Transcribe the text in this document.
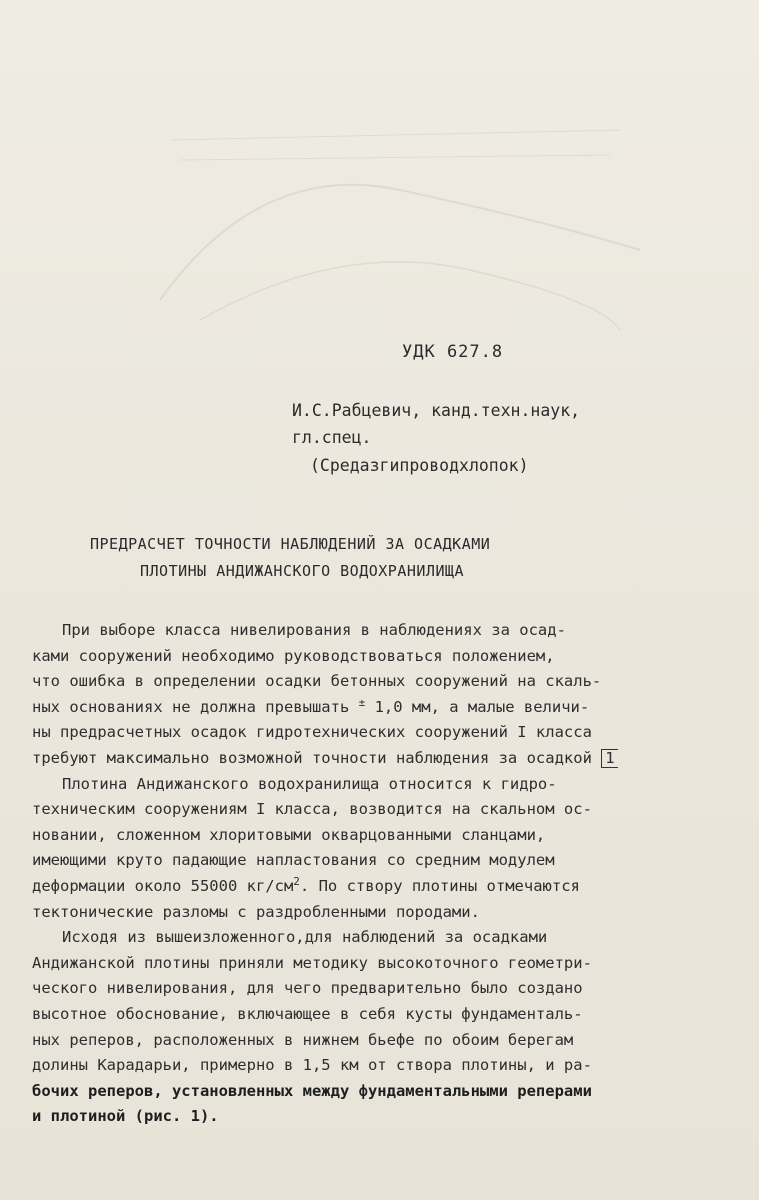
УДК 627.8
И.С.Рабцевич, канд.техн.наук,
гл.спец.
(Средазгипроводхлопок)
ПРЕДРАСЧЕТ ТОЧНОСТИ НАБЛЮДЕНИЙ ЗА ОСАДКАМИ
ПЛОТИНЫ АНДИЖАНСКОГО ВОДОХРАНИЛИЩА
При выборе класса нивелирования в наблюдениях за осад-
ками сооружений необходимо руководствоваться положением,
что ошибка в определении осадки бетонных сооружений на скаль-
ных основаниях не должна превышать ± 1,0 мм, а малые величи-
ны предрасчетных осадок гидротехнических сооружений I класса
требуют максимально возможной точности наблюдения за осадкой 1
Плотина Андижанского водохранилища относится к гидро-
техническим сооружениям I класса, возводится на скальном ос-
новании, сложенном хлоритовыми окварцованными сланцами,
имеющими круто падающие напластования со средним модулем
деформации около 55000 $кг/см^2$. По створу плотины отмечаются
тектонические разломы с раздробленными породами.
Исходя из вышеизложенного,для наблюдений за осадками
Андижанской плотины приняли методику высокоточного геометри-
ческого нивелирования, для чего предварительно было создано
высотное обоснование, включающее в себя кусты фундаменталь-
ных реперов, расположенных в нижнем бьефе по обоим берегам
долины Карадарьи, примерно в 1,5 км от створа плотины, и ра-
бочих реперов, установленных между фундаментальными реперами
и плотиной (рис. 1).
